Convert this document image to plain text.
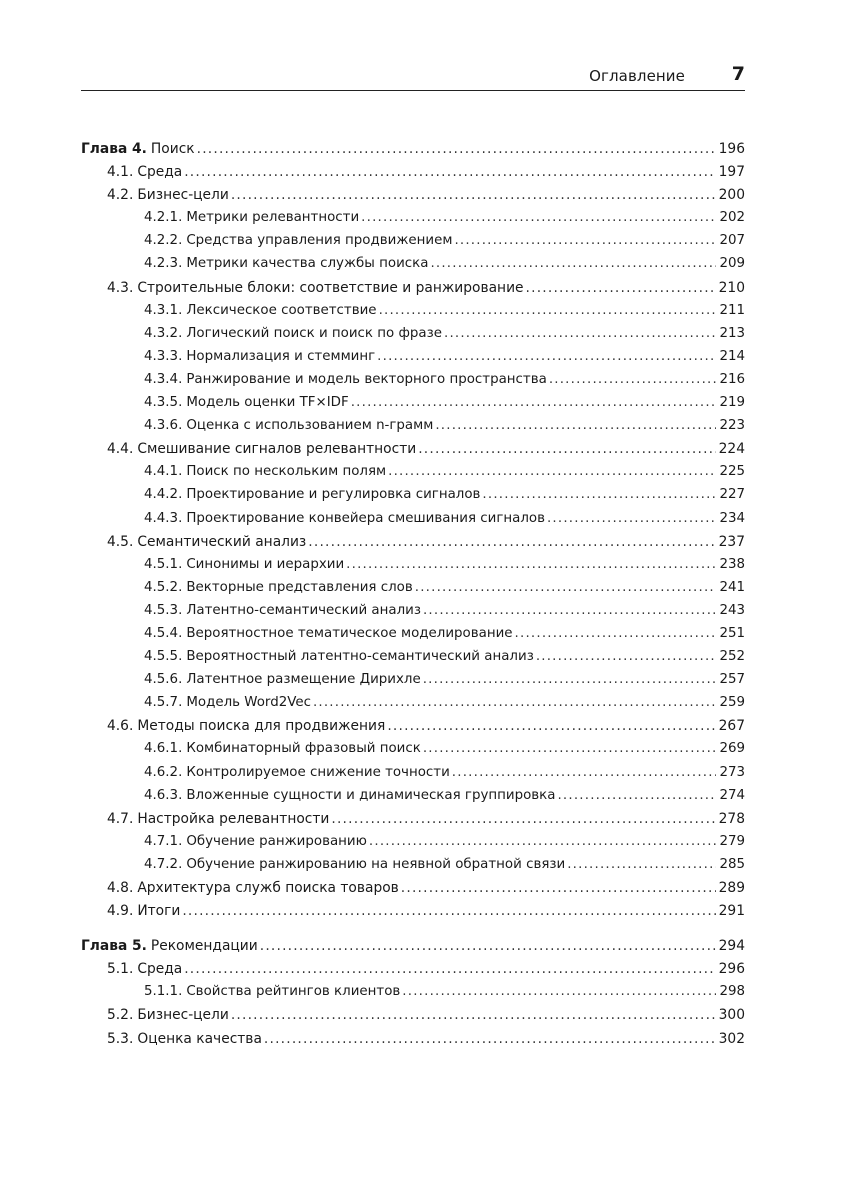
Оглавление 7
Глава 4. Поиск .....	196
4.1. Среда .....	197
4.2. Бизнес-цели .....	200
4.2.1. Метрики релевантности .....	202
4.2.2. Средства управления продвижением .....	207
4.2.3. Метрики качества службы поиска .....	209
4.3. Строительные блоки: соответствие и ранжирование .....	210
4.3.1. Лексическое соответствие .....	211
4.3.2. Логический поиск и поиск по фразе .....	213
4.3.3. Нормализация и стемминг .....	214
4.3.4. Ранжирование и модель векторного пространства .....	216
4.3.5. Модель оценки TF×IDF .....	219
4.3.6. Оценка с использованием n-грамм .....	223
4.4. Смешивание сигналов релевантности .....	224
4.4.1. Поиск по нескольким полям .....	225
4.4.2. Проектирование и регулировка сигналов .....	227
4.4.3. Проектирование конвейера смешивания сигналов .....	234
4.5. Семантический анализ .....	237
4.5.1. Синонимы и иерархии .....	238
4.5.2. Векторные представления слов .....	241
4.5.3. Латентно-семантический анализ .....	243
4.5.4. Вероятностное тематическое моделирование .....	251
4.5.5. Вероятностный латентно-семантический анализ .....	252
4.5.6. Латентное размещение Дирихле .....	257
4.5.7. Модель Word2Vec .....	259
4.6. Методы поиска для продвижения .....	267
4.6.1. Комбинаторный фразовый поиск .....	269
4.6.2. Контролируемое снижение точности .....	273
4.6.3. Вложенные сущности и динамическая группировка .....	274
4.7. Настройка релевантности .....	278
4.7.1. Обучение ранжированию .....	279
4.7.2. Обучение ранжированию на неявной обратной связи .....	285
4.8. Архитектура служб поиска товаров .....	289
4.9. Итоги .....	291
Глава 5. Рекомендации .....	294
5.1. Среда .....	296
5.1.1. Свойства рейтингов клиентов .....	298
5.2. Бизнес-цели .....	300
5.3. Оценка качества .....	302
